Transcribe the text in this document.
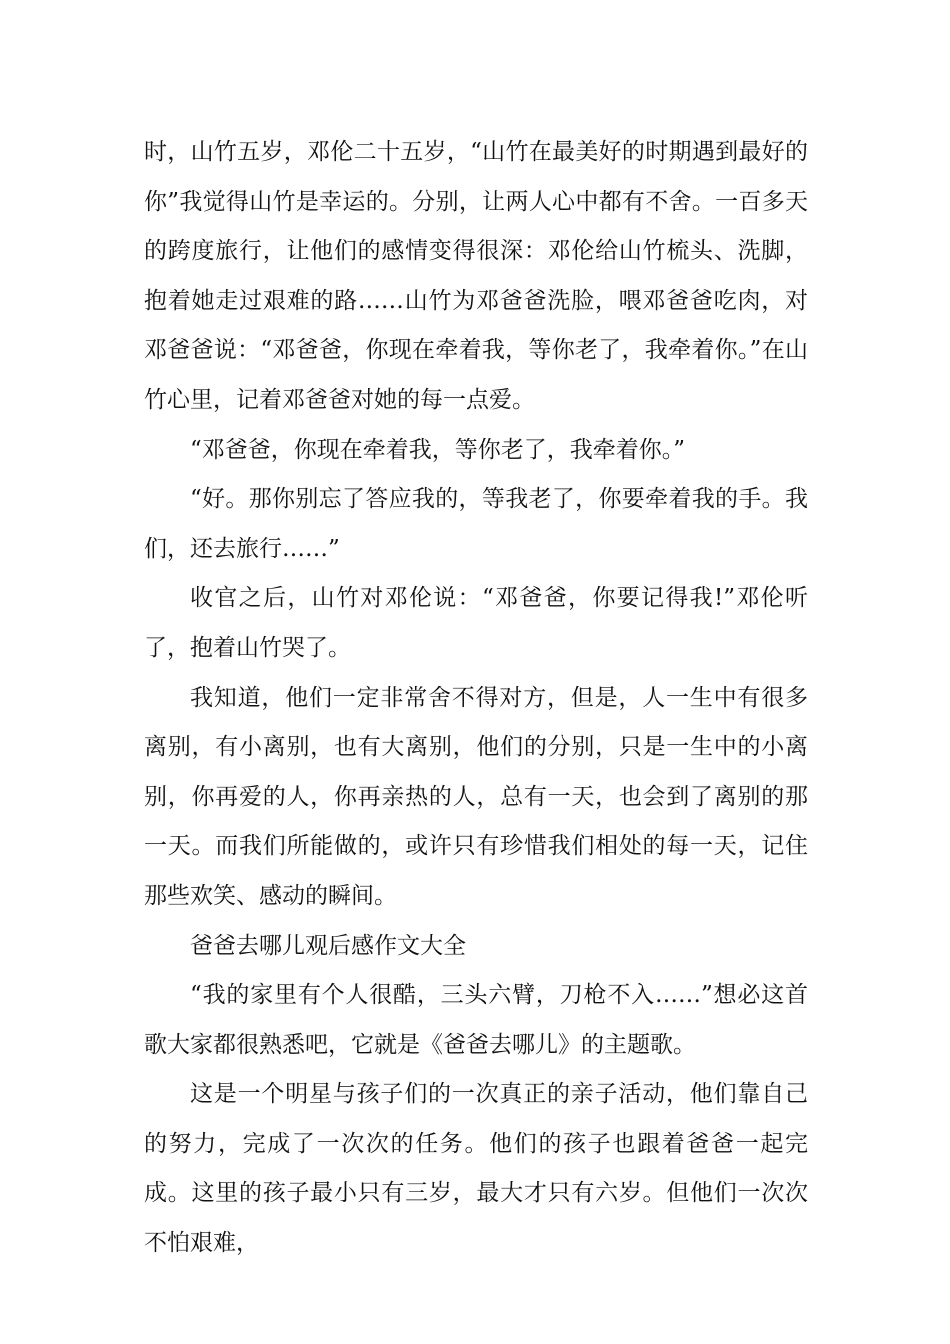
时，山竹五岁，邓伦二十五岁，“山竹在最美好的时期遇到最好的你”我觉得山竹是幸运的。分别，让两人心中都有不舍。一百多天的跨度旅行，让他们的感情变得很深：邓伦给山竹梳头、洗脚，抱着她走过艰难的路……山竹为邓爸爸洗脸，喂邓爸爸吃肉，对邓爸爸说：“邓爸爸，你现在牵着我，等你老了，我牵着你。”在山竹心里，记着邓爸爸对她的每一点爱。

“邓爸爸，你现在牵着我，等你老了，我牵着你。”

“好。那你别忘了答应我的，等我老了，你要牵着我的手。我们，还去旅行……”

收官之后，山竹对邓伦说：“邓爸爸，你要记得我!”邓伦听了，抱着山竹哭了。

我知道，他们一定非常舍不得对方，但是，人一生中有很多离别，有小离别，也有大离别，他们的分别，只是一生中的小离别，你再爱的人，你再亲热的人，总有一天，也会到了离别的那一天。而我们所能做的，或许只有珍惜我们相处的每一天，记住那些欢笑、感动的瞬间。

爸爸去哪儿观后感作文大全

“我的家里有个人很酷，三头六臂，刀枪不入……”想必这首歌大家都很熟悉吧，它就是《爸爸去哪儿》的主题歌。

这是一个明星与孩子们的一次真正的亲子活动，他们靠自己的努力，完成了一次次的任务。他们的孩子也跟着爸爸一起完成。这里的孩子最小只有三岁，最大才只有六岁。但他们一次次不怕艰难，
